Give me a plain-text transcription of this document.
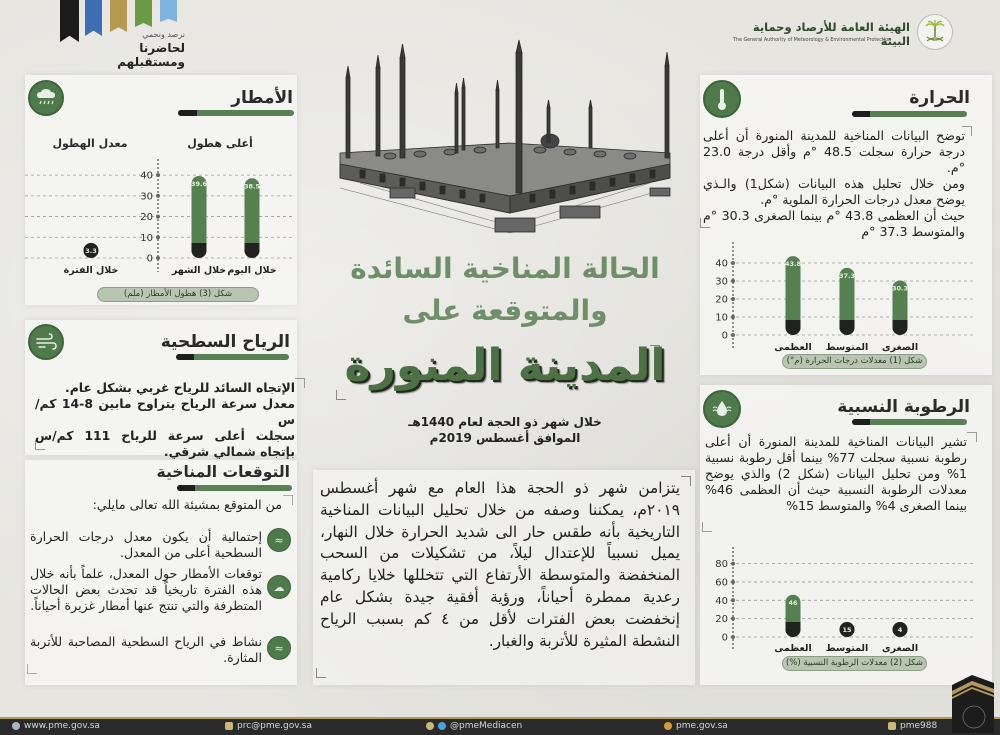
الهيئة العامة للأرصاد وحماية البيئة
The General Authority of Meteorology & Environmental Protection
نرصد ونحمي
لحاضرنا ومستقبلهم
الحرارة
توضح البيانات المناخية للمدينة المنورة أن أعلى درجة حرارة سجلت 48.5 °م وأقل درجة 23.0 °م.
ومن خلال تحليل هذه البيانات (شكل1) والـذي يوضح معدل درجات الحرارة الملوية °م.
حيث أن العظمى 43.8 °م بينما الصغرى 30.3 °م والمتوسط 37.3 °م
0
10
20
30
40	43.8
العظمى
37.3
المتوسط
30.3
الصغرى
شكل (1) معدلات درجات الحرارة (م°)
الرطوبة النسبية
تشير البيانات المناخية للمدينة المنورة أن أعلى رطوبة نسبية سجلت 77% بينما أقل رطوبة نسبية 1% ومن تحليل البيانات (شكل 2) والذي يوضح معدلات الرطوبة النسبية حيث أن العظمى 46% بينما الصغرى 4% والمتوسط 15%
0
20
40
60
80
46
العظمى
15
المتوسط
4
الصغرى
شكل (2) معدلات الرطوبة النسبية (%)
الأمطار
أعلى هطول
معدل الهطول
0
10
20
30
40
38.5
خلال اليوم
39.6
خلال الشهر
3.3
خلال الفترة
شكل (3) هطول الأمطار (ملم)
الرياح السطحية
الإتجاه السائد للرياح غربي بشكل عام.
معدل سرعة الرياح يتراوح مابين 8-14 كم/س
سجلت أعلى سرعة للرياح 111 كم/س بإتجاه شمالي شرقي.
التوقعات المناخية
من المتوقع بمشيئة الله تعالى مايلي:
≈
إحتمالية أن يكون معدل درجات الحرارة السطحية أعلى من المعدل.
☁
توقعات الأمطار حول المعدل، علماً بأنه خلال هذه الفترة تاريخياً قد تحدث بعض الحالات المتطرفة والتي تنتج عنها أمطار غزيرة أحياناً.
≈
نشاط في الرياح السطحية المصاحبة للأتربة المثارة.
الحالة المناخية السائدة
والمتوقعة على
المدينة المنورة
خلال شهر ذو الحجة لعام 1440هـ
الموافق أغسطس 2019م
يتزامن شهر ذو الحجة هذا العام مع شهر أغسطس ٢٠١٩م، يمكننا وصفه من خلال تحليل البيانات المناخية التاريخية بأنه طقس حار الى شديد الحرارة خلال النهار، يميل نسبياً للإعتدال ليلاً، من تشكيلات من السحب المنخفضة والمتوسطة الأرتفاع التي تتخللها خلايا ركامية رعدية ممطرة أحياناً، ورؤية أفقية جيدة بشكل عام إنخفضت بعض الفترات لأقل من ٤ كم بسبب الرياح النشطة المثيرة للأتربة والغبار.
www.pme.gov.sa	prc@pme.gov.sa	@pmeMediacen	pme.gov.sa	pme988
